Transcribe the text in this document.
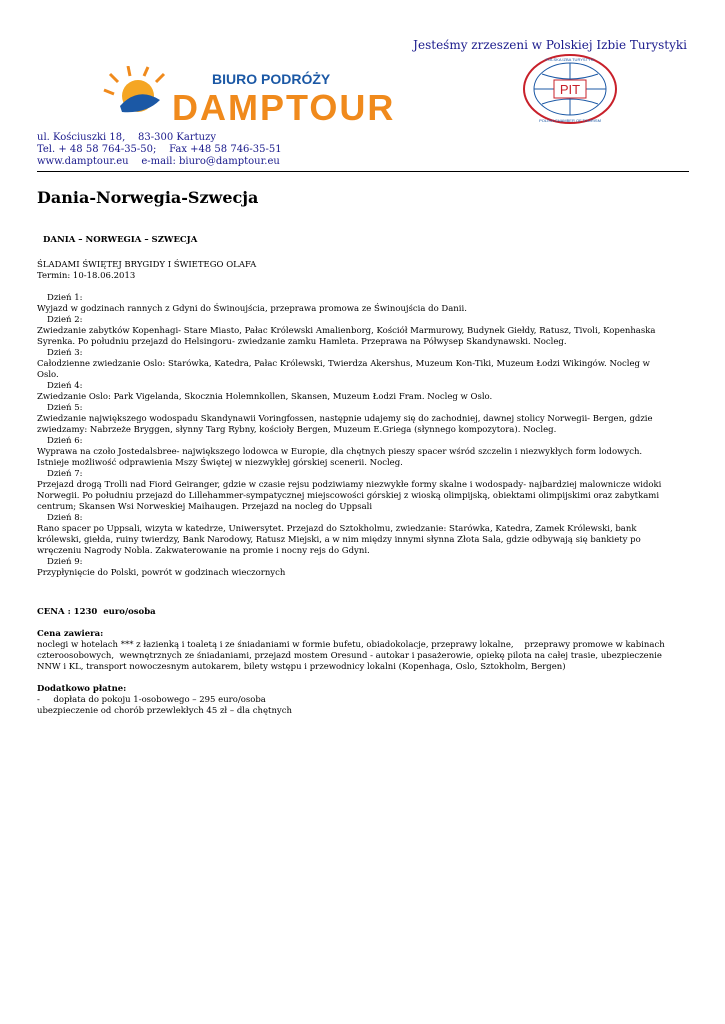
Jesteśmy zrzeszeni w Polskiej Izbie Turystyki
BIURO PODRÓŻY
DAMPTOUR	PIT
POLSKA IZBA TURYSTYKI
POLISH CHAMBER OF TOURISM
ul. Kościuszki 18,    83-300 Kartuzy
Tel. + 48 58 764-35-50;    Fax +48 58 746-35-51
www.damptour.eu    e-mail: biuro@damptour.eu
Dania-Norwegia-Szwecja
DANIA – NORWEGIA – SZWECJA
ŚLADAMI ŚWIĘTEJ BRYGIDY I ŚWIETEGO OLAFA
Termin: 10-18.06.2013
Dzień 1:
Wyjazd w godzinach rannych z Gdyni do Świnoujścia, przeprawa promowa ze Świnoujścia do Danii.
Dzień 2:
Zwiedzanie zabytków Kopenhagi- Stare Miasto, Pałac Królewski Amalienborg, Kościół Marmurowy, Budynek Giełdy, Ratusz, Tivoli, Kopenhaska
Syrenka. Po południu przejazd do Helsingoru- zwiedzanie zamku Hamleta. Przeprawa na Półwysep Skandynawski. Nocleg.
Dzień 3:
Całodzienne zwiedzanie Oslo: Starówka, Katedra, Pałac Królewski, Twierdza Akershus, Muzeum Kon-Tiki, Muzeum Łodzi Wikingów. Nocleg w Oslo.
Dzień 4:
Zwiedzanie Oslo: Park Vigelanda, Skocznia Holemnkollen, Skansen, Muzeum Łodzi Fram. Nocleg w Oslo.
Dzień 5:
Zwiedzanie największego wodospadu Skandynawii Voringfossen, następnie udajemy się do zachodniej, dawnej stolicy Norwegii- Bergen, gdzie
zwiedzamy: Nabrzeże Bryggen, słynny Targ Rybny, kościoły Bergen, Muzeum E.Griega (słynnego kompozytora). Nocleg.
Dzień 6:
Wyprawa na czoło Jostedalsbree- największego lodowca w Europie, dla chętnych pieszy spacer wśród szczelin i niezwykłych form lodowych.
Istnieje możliwość odprawienia Mszy Świętej w niezwykłej górskiej scenerii. Nocleg.
Dzień 7:
Przejazd drogą Trolli nad Fiord Geiranger, gdzie w czasie rejsu podziwiamy niezwykłe formy skalne i wodospady- najbardziej malownicze widoki
Norwegii. Po południu przejazd do Lillehammer-sympatycznej miejscowości górskiej z wioską olimpijską, obiektami olimpijskimi oraz zabytkami
centrum; Skansen Wsi Norweskiej Maihaugen. Przejazd na nocleg do Uppsali
Dzień 8:
Rano spacer po Uppsali, wizyta w katedrze, Uniwersytet. Przejazd do Sztokholmu, zwiedzanie: Starówka, Katedra, Zamek Królewski, bank
królewski, giełda, ruiny twierdzy, Bank Narodowy, Ratusz Miejski, a w nim między innymi słynna Złota Sala, gdzie odbywają się bankiety po
wręczeniu Nagrody Nobla. Zakwaterowanie na promie i nocny rejs do Gdyni.
Dzień 9:
Przypłynięcie do Polski, powrót w godzinach wieczornych
CENA : 1230  euro/osoba
Cena zawiera:
noclegi w hotelach *** z łazienką i toaletą i ze śniadaniami w formie bufetu, obiadokolacje, przeprawy lokalne,    przeprawy promowe w kabinach
czteroosobowych,  wewnętrznych ze śniadaniami, przejazd mostem Oresund - autokar i pasażerowie, opiekę pilota na całej trasie, ubezpieczenie
NNW i KL, transport nowoczesnym autokarem, bilety wstępu i przewodnicy lokalni (Kopenhaga, Oslo, Sztokholm, Bergen)
Dodatkowo płatne:
-     dopłata do pokoju 1-osobowego – 295 euro/osoba
ubezpieczenie od chorób przewlekłych 45 zł – dla chętnych
